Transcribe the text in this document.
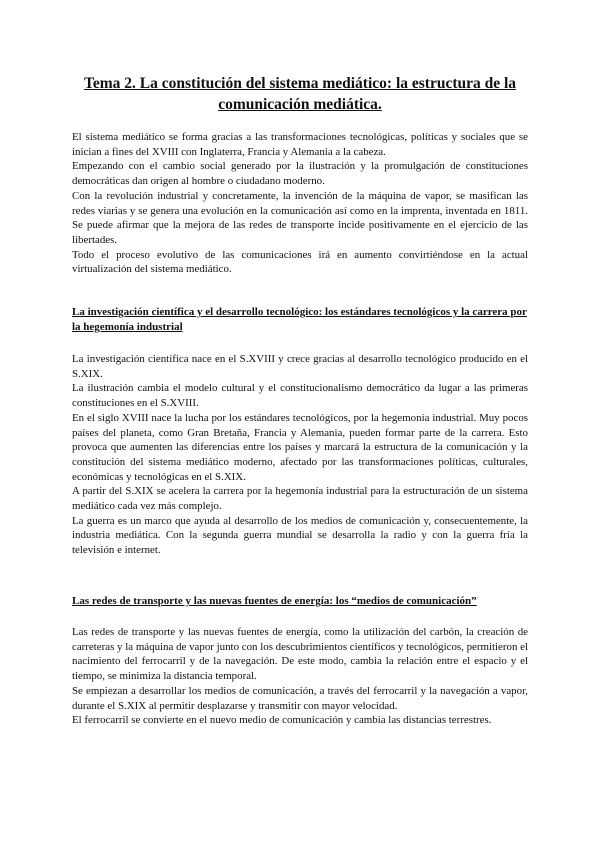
Tema 2. La constitución del sistema mediático: la estructura de la comunicación mediática.

El sistema mediático se forma gracias a las transformaciones tecnológicas, políticas y sociales que se inician a fines del XVIII con Inglaterra, Francia y Alemania a la cabeza.

Empezando con el cambio social generado por la ilustración y la promulgación de constituciones democráticas dan origen al hombre o ciudadano moderno.

Con la revolución industrial y concretamente, la invención de la máquina de vapor, se masifican las redes viarias y se genera una evolución en la comunicación así como en la imprenta, inventada en 1811. Se puede afirmar que la mejora de las redes de transporte incide positivamente en el ejercicio de las libertades.

Todo el proceso evolutivo de las comunicaciones irá en aumento convirtiéndose en la actual virtualización del sistema mediático.

La investigación científica y el desarrollo tecnológico: los estándares tecnológicos y la carrera por la hegemonía industrial

La investigación científica nace en el S.XVIII y crece gracias al desarrollo tecnológico producido en el S.XIX.

La ilustración cambia el modelo cultural y el constitucionalismo democrático da lugar a las primeras constituciones en el S.XVIII.

En el siglo XVIII nace la lucha por los estándares tecnológicos, por la hegemonía industrial. Muy pocos países del planeta, como Gran Bretaña, Francia y Alemania, pueden formar parte de la carrera. Esto provoca que aumenten las diferencias entre los países y marcará la estructura de la comunicación y la constitución del sistema mediático moderno, afectado por las transformaciones políticas, culturales, económicas y tecnológicas en el S.XIX.

A partir del S.XIX se acelera la carrera por la hegemonía industrial para la estructuración de un sistema mediático cada vez más complejo.

La guerra es un marco que ayuda al desarrollo de los medios de comunicación y, consecuentemente, la industria mediática. Con la segunda guerra mundial se desarrolla la radio y con la guerra fría la televisión e internet.

Las redes de transporte y las nuevas fuentes de energía: los “medios de comunicación”

Las redes de transporte y las nuevas fuentes de energía, como la utilización del carbón, la creación de carreteras y la máquina de vapor junto con los descubrimientos científicos y tecnológicos, permitieron el nacimiento del ferrocarril y de la navegación. De este modo, cambia la relación entre el espacio y el tiempo, se minimiza la distancia temporal.

Se empiezan a desarrollar los medios de comunicación, a través del ferrocarril y la navegación a vapor, durante el S.XIX al permitir desplazarse y transmitir con mayor velocidad.

El ferrocarril se convierte en el nuevo medio de comunicación y cambia las distancias terrestres.
